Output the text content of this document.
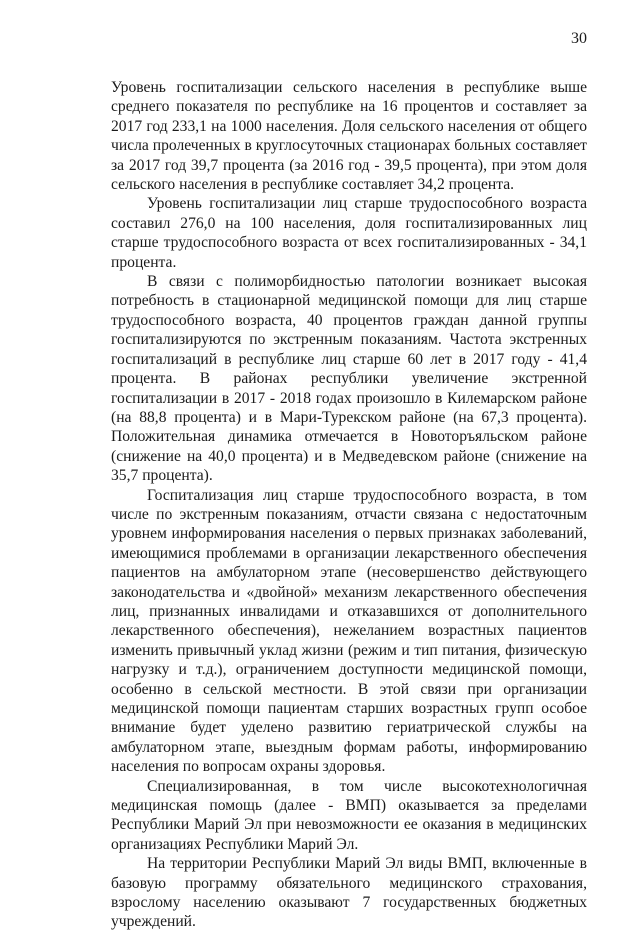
30

Уровень госпитализации сельского населения в республике выше среднего показателя по республике на 16 процентов и составляет за 2017 год 233,1 на 1000 населения. Доля сельского населения от общего числа пролеченных в круглосуточных стационарах больных составляет за 2017 год 39,7 процента (за 2016 год - 39,5 процента), при этом доля сельского населения в республике составляет 34,2 процента.

Уровень госпитализации лиц старше трудоспособного возраста составил 276,0 на 100 населения, доля госпитализированных лиц старше трудоспособного возраста от всех госпитализированных - 34,1 процента.

В связи с полиморбидностью патологии возникает высокая потребность в стационарной медицинской помощи для лиц старше трудоспособного возраста, 40 процентов граждан данной группы госпитализируются по экстренным показаниям. Частота экстренных госпитализаций в республике лиц старше 60 лет в 2017 году - 41,4 процента. В районах республики увеличение экстренной госпитализации в 2017 - 2018 годах произошло в Килемарском районе (на 88,8 процента) и в Мари-Турекском районе (на 67,3 процента). Положительная динамика отмечается в Новоторъяльском районе (снижение на 40,0 процента) и в Медведевском районе (снижение на 35,7 процента).

Госпитализация лиц старше трудоспособного возраста, в том числе по экстренным показаниям, отчасти связана с недостаточным уровнем информирования населения о первых признаках заболеваний, имеющимися проблемами в организации лекарственного обеспечения пациентов на амбулаторном этапе (несовершенство действующего законодательства и «двойной» механизм лекарственного обеспечения лиц, признанных инвалидами и отказавшихся от дополнительного лекарственного обеспечения), нежеланием возрастных пациентов изменить привычный уклад жизни (режим и тип питания, физическую нагрузку и т.д.), ограничением доступности медицинской помощи, особенно в сельской местности. В этой связи при организации медицинской помощи пациентам старших возрастных групп особое внимание будет уделено развитию гериатрической службы на амбулаторном этапе, выездным формам работы, информированию населения по вопросам охраны здоровья.

Специализированная, в том числе высокотехнологичная медицинская помощь (далее - ВМП) оказывается за пределами Республики Марий Эл при невозможности ее оказания в медицинских организациях Республики Марий Эл.

На территории Республики Марий Эл виды ВМП, включенные в базовую программу обязательного медицинского страхования, взрослому населению оказывают 7 государственных бюджетных учреждений.
